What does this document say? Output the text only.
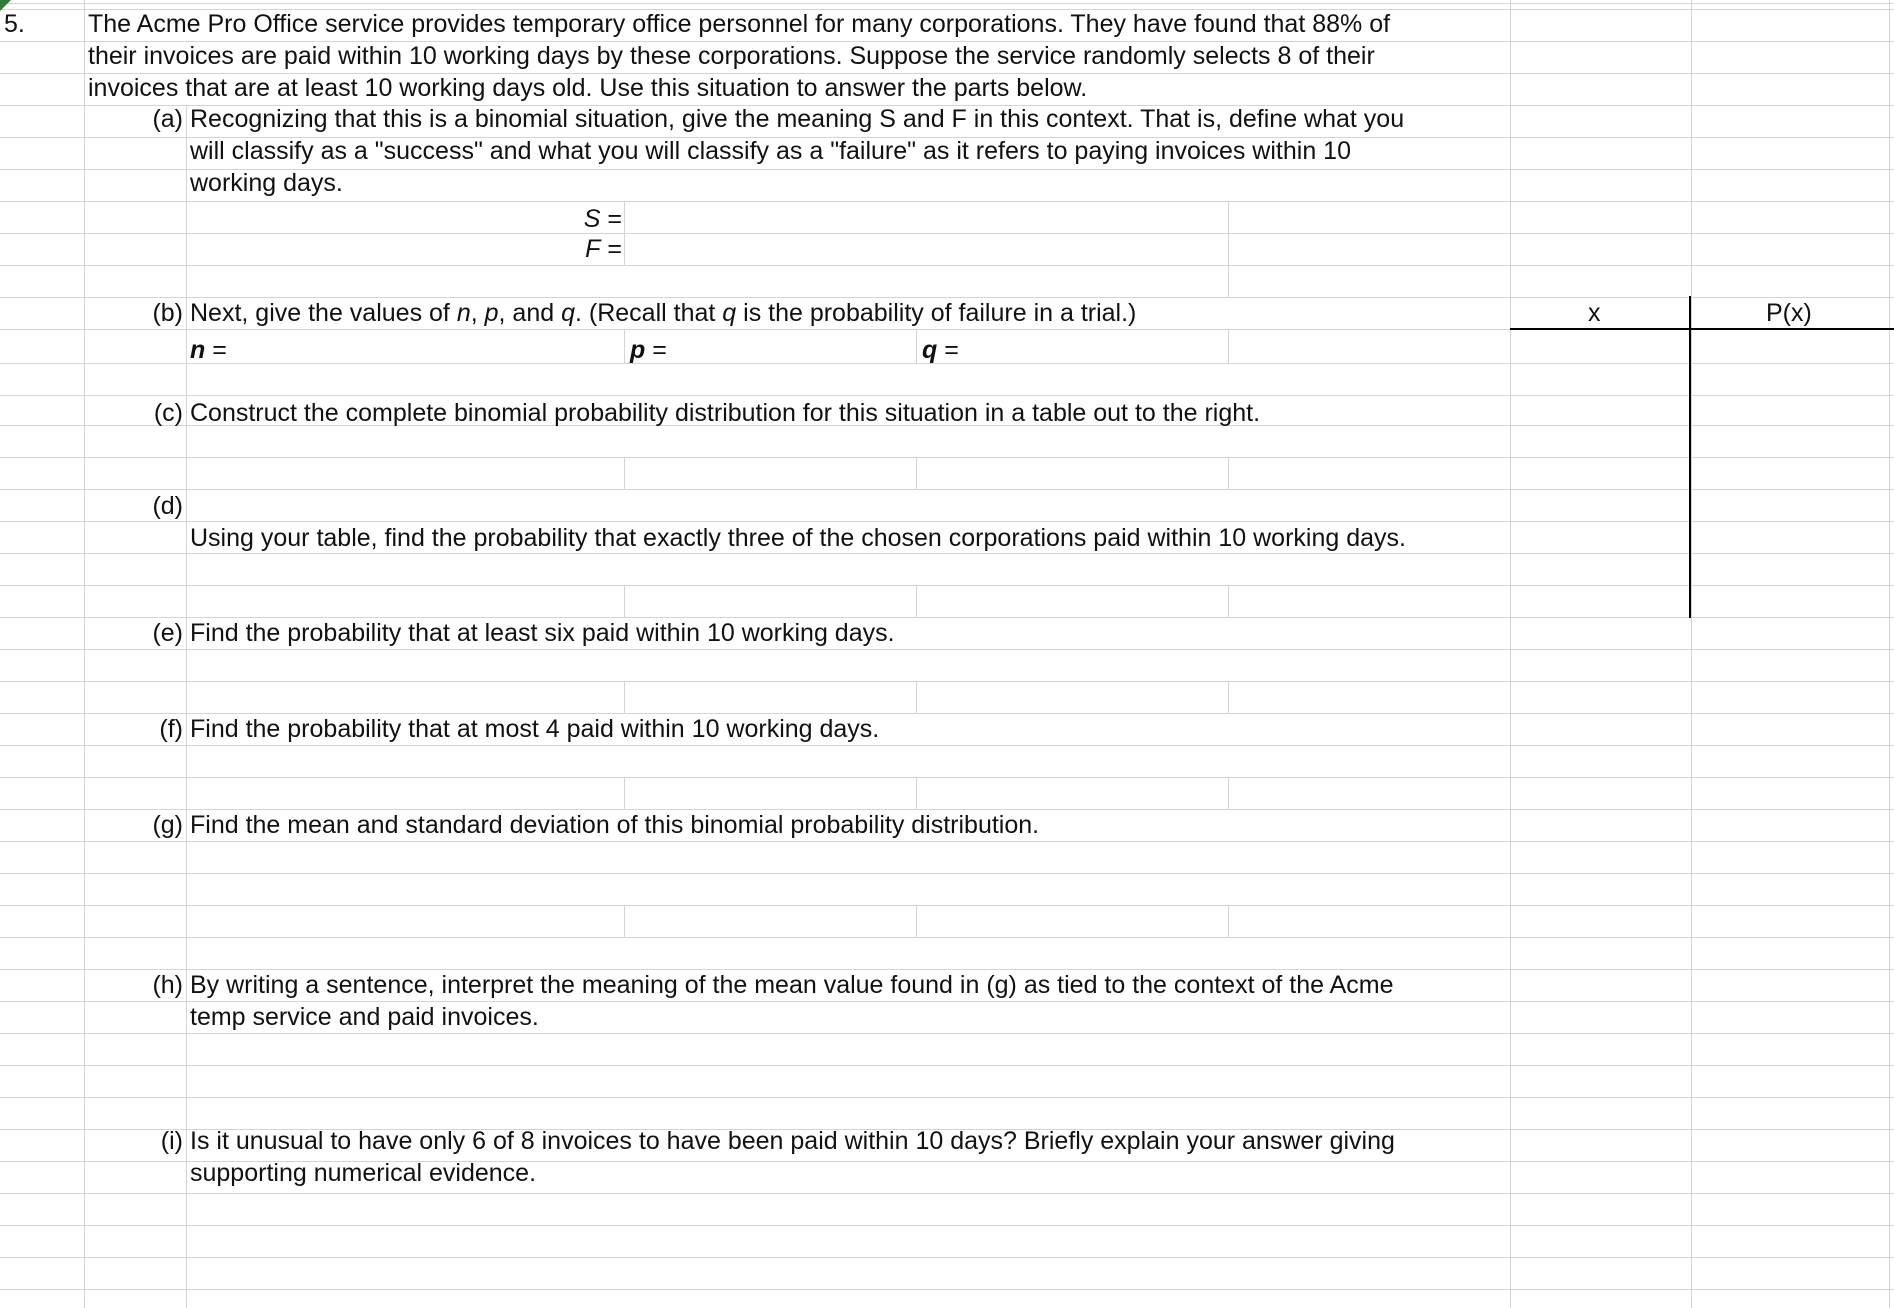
5.	The Acme Pro Office service provides temporary office personnel for many corporations. They have found that 88% of
their invoices are paid within 10 working days by these corporations. Suppose the service randomly selects 8 of their
invoices that are at least 10 working days old. Use this situation to answer the parts below.
(a) Recognizing that this is a binomial situation, give the meaning S and F in this context. That is, define what you
will classify as a "success" and what you will classify as a "failure" as it refers to paying invoices within 10
working days.
S =
F =
(b) Next, give the values of n, p, and q. (Recall that q is the probability of failure in a trial.)
n =	p =	q =
(c) Construct the complete binomial probability distribution for this situation in a table out to the right.
(d)
Using your table, find the probability that exactly three of the chosen corporations paid within 10 working days.
(e) Find the probability that at least six paid within 10 working days.
(f) Find the probability that at most 4 paid within 10 working days.
(g) Find the mean and standard deviation of this binomial probability distribution.
(h) By writing a sentence, interpret the meaning of the mean value found in (g) as tied to the context of the Acme
temp service and paid invoices.
(i) Is it unusual to have only 6 of 8 invoices to have been paid within 10 days? Briefly explain your answer giving
supporting numerical evidence.
x	P(x)
